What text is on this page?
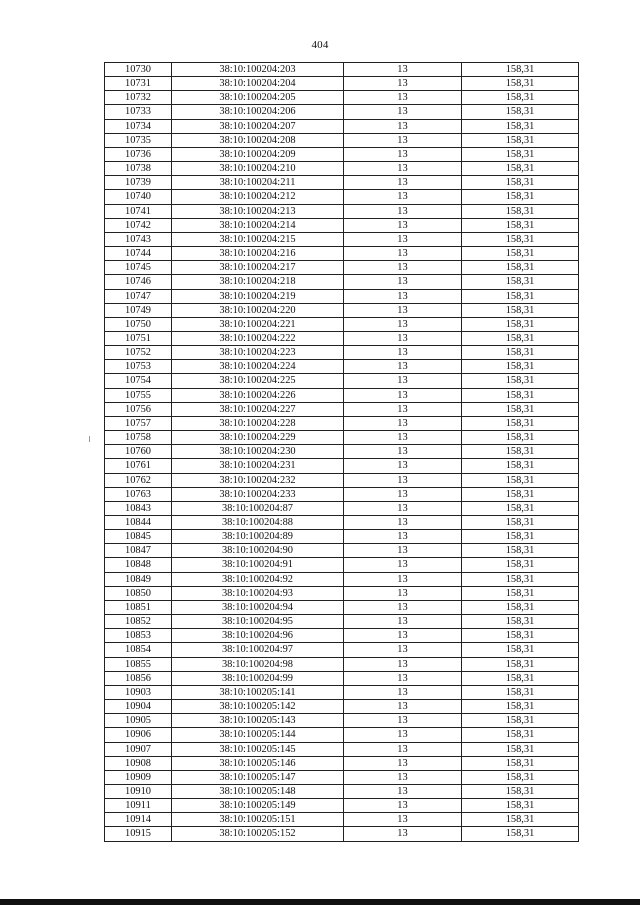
404
10730	38:10:100204:203	13	158,31
10731	38:10:100204:204	13	158,31
10732	38:10:100204:205	13	158,31
10733	38:10:100204:206	13	158,31
10734	38:10:100204:207	13	158,31
10735	38:10:100204:208	13	158,31
10736	38:10:100204:209	13	158,31
10738	38:10:100204:210	13	158,31
10739	38:10:100204:211	13	158,31
10740	38:10:100204:212	13	158,31
10741	38:10:100204:213	13	158,31
10742	38:10:100204:214	13	158,31
10743	38:10:100204:215	13	158,31
10744	38:10:100204:216	13	158,31
10745	38:10:100204:217	13	158,31
10746	38:10:100204:218	13	158,31
10747	38:10:100204:219	13	158,31
10749	38:10:100204:220	13	158,31
10750	38:10:100204:221	13	158,31
10751	38:10:100204:222	13	158,31
10752	38:10:100204:223	13	158,31
10753	38:10:100204:224	13	158,31
10754	38:10:100204:225	13	158,31
10755	38:10:100204:226	13	158,31
10756	38:10:100204:227	13	158,31
10757	38:10:100204:228	13	158,31
10758	38:10:100204:229	13	158,31
10760	38:10:100204:230	13	158,31
10761	38:10:100204:231	13	158,31
10762	38:10:100204:232	13	158,31
10763	38:10:100204:233	13	158,31
10843	38:10:100204:87	13	158,31
10844	38:10:100204:88	13	158,31
10845	38:10:100204:89	13	158,31
10847	38:10:100204:90	13	158,31
10848	38:10:100204:91	13	158,31
10849	38:10:100204:92	13	158,31
10850	38:10:100204:93	13	158,31
10851	38:10:100204:94	13	158,31
10852	38:10:100204:95	13	158,31
10853	38:10:100204:96	13	158,31
10854	38:10:100204:97	13	158,31
10855	38:10:100204:98	13	158,31
10856	38:10:100204:99	13	158,31
10903	38:10:100205:141	13	158,31
10904	38:10:100205:142	13	158,31
10905	38:10:100205:143	13	158,31
10906	38:10:100205:144	13	158,31
10907	38:10:100205:145	13	158,31
10908	38:10:100205:146	13	158,31
10909	38:10:100205:147	13	158,31
10910	38:10:100205:148	13	158,31
10911	38:10:100205:149	13	158,31
10914	38:10:100205:151	13	158,31
10915	38:10:100205:152	13	158,31
